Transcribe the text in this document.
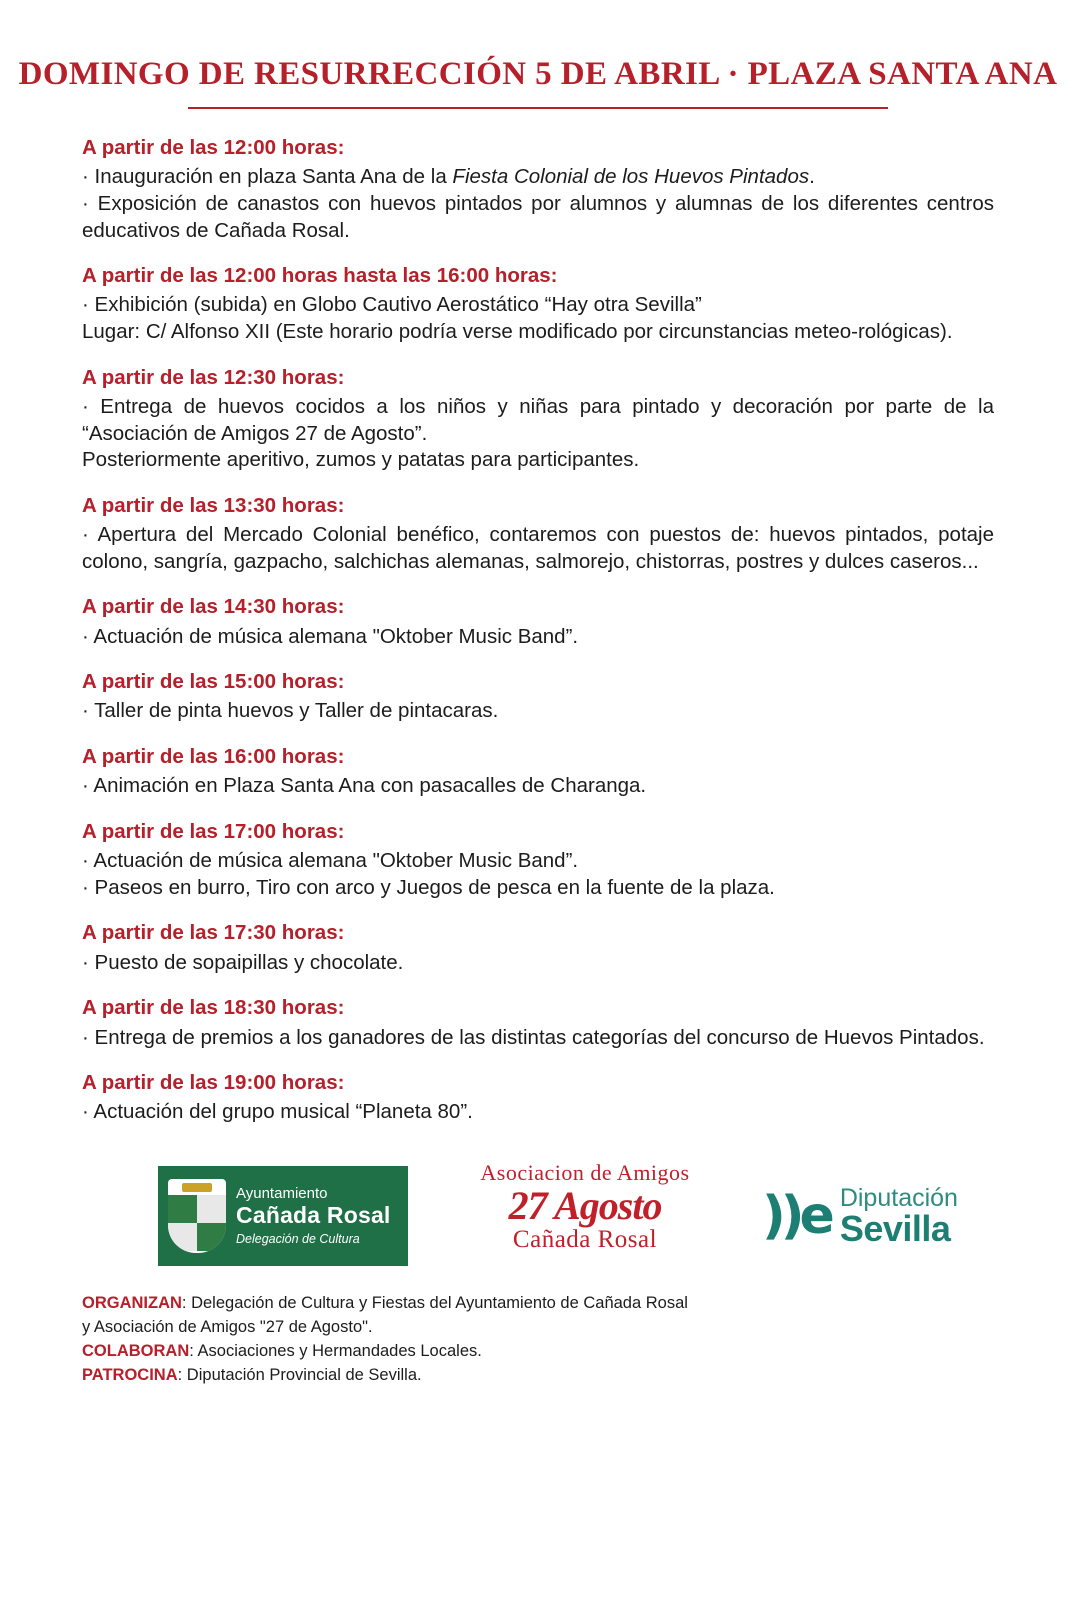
DOMINGO DE RESURRECCIÓN 5 DE ABRIL · PLAZA SANTA ANA
A partir de las 12:00 horas:
· Inauguración en plaza Santa Ana de la Fiesta Colonial de los Huevos Pintados.
· Exposición de canastos con huevos pintados por alumnos y alumnas de los diferentes centros educativos de Cañada Rosal.
A partir de las 12:00 horas hasta las 16:00 horas:
· Exhibición (subida) en Globo Cautivo Aerostático “Hay otra Sevilla”
Lugar: C/ Alfonso XII (Este horario podría verse modificado por circunstancias meteo-rológicas).
A partir de las 12:30 horas:
· Entrega de huevos cocidos a los niños y niñas para pintado y decoración por parte de la “Asociación de Amigos 27 de Agosto”.
Posteriormente aperitivo, zumos y patatas para participantes.
A partir de las 13:30 horas:
· Apertura del Mercado Colonial benéfico, contaremos con puestos de: huevos pintados, potaje colono, sangría, gazpacho, salchichas alemanas, salmorejo, chistorras, postres y dulces caseros...
A partir de las 14:30 horas:
· Actuación de música alemana "Oktober Music Band”.
A partir de las 15:00 horas:
· Taller de pinta huevos y Taller de pintacaras.
A partir de las 16:00 horas:
· Animación en Plaza Santa Ana con pasacalles de Charanga.
A partir de las 17:00 horas:
· Actuación de música alemana "Oktober Music Band”.
· Paseos en burro, Tiro con arco y Juegos de pesca en la fuente de la plaza.
A partir de las 17:30 horas:
· Puesto de sopaipillas y chocolate.
A partir de las 18:30 horas:
· Entrega de premios a los ganadores de las distintas categorías del concurso de Huevos Pintados.
A partir de las 19:00 horas:
· Actuación del grupo musical “Planeta 80”.
Ayuntamiento
Cañada Rosal
Delegación de Cultura
Asociacion de Amigos
27 Agosto
Cañada Rosal	))e Diputación
Sevilla
ORGANIZAN: Delegación de Cultura y Fiestas del Ayuntamiento de Cañada Rosal
y Asociación de Amigos "27 de Agosto".
COLABORAN: Asociaciones y Hermandades Locales.
PATROCINA: Diputación Provincial de Sevilla.
